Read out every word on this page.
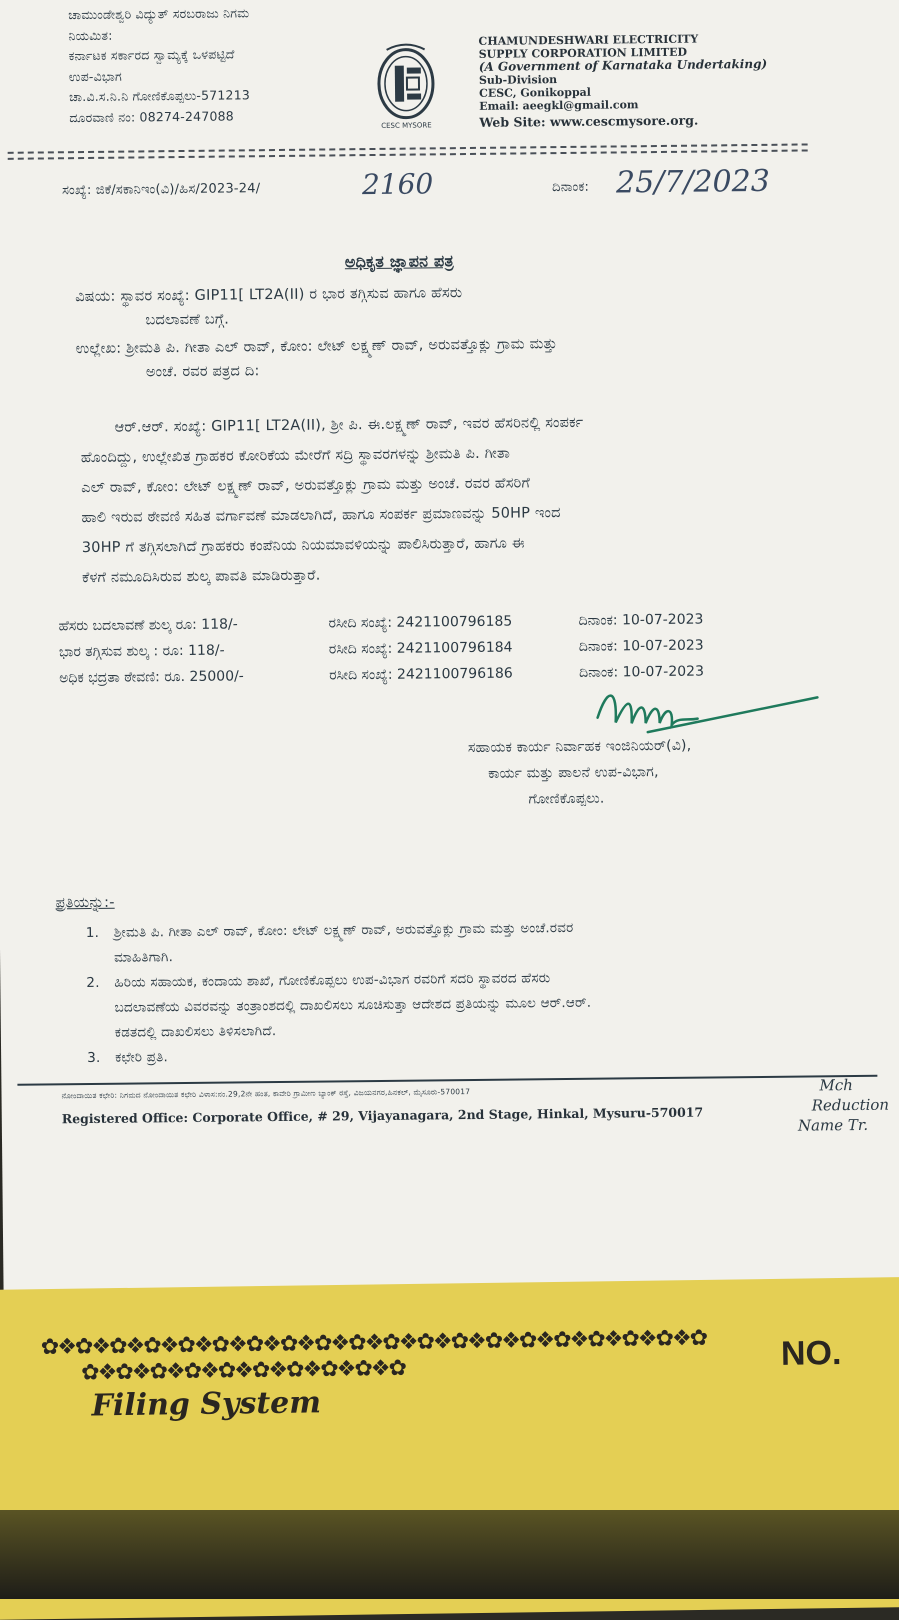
ಚಾಮುಂಡೇಶ್ವರಿ ವಿದ್ಯುತ್ ಸರಬರಾಜು ನಿಗಮ
ನಿಯಮಿತ:
ಕರ್ನಾಟಕ ಸರ್ಕಾರದ ಸ್ವಾಮ್ಯಕ್ಕೆ ಒಳಪಟ್ಟಿದೆ
ಉಪ-ವಿಭಾಗ
ಚಾ.ವಿ.ಸ.ನಿ.ನಿ ಗೋಣಿಕೊಪ್ಪಲು-571213
ದೂರವಾಣಿ ನಂ: 08274-247088
CESC MYSORE
CHAMUNDESHWARI ELECTRICITY
SUPPLY CORPORATION LIMITED
(A Government of Karnataka Undertaking)
Sub-Division
CESC, Gonikoppal
Email: aeegkl@gmail.com
Web Site: www.cescmysore.org.
ಸಂಖ್ಯೆ: ಜಿಕೆ/ಸಕಾನಿಇಂ(ವಿ)/ಹಿಸ/2023-24/	2160	ದಿನಾಂಕ: 25/7/2023
ಅಧಿಕೃತ ಜ್ಞಾಪನ ಪತ್ರ
ವಿಷಯ: ಸ್ಥಾವರ ಸಂಖ್ಯೆ: GIP11[ LT2A(II) ರ ಭಾರ ತಗ್ಗಿಸುವ ಹಾಗೂ ಹೆಸರು
ಬದಲಾವಣೆ ಬಗ್ಗೆ.
ಉಲ್ಲೇಖ: ಶ್ರೀಮತಿ ಪಿ. ಗೀತಾ ಎಲ್ ರಾವ್, ಕೋಂ: ಲೇಟ್ ಲಕ್ಷ್ಮಣ್ ರಾವ್, ಅರುವತ್ತೊಕ್ಲು ಗ್ರಾಮ ಮತ್ತು
ಅಂಚೆ. ರವರ ಪತ್ರದ ದಿ:
ಆರ್.ಆರ್. ಸಂಖ್ಯೆ: GIP11[ LT2A(II), ಶ್ರೀ ಪಿ. ಈ.ಲಕ್ಷ್ಮಣ್ ರಾವ್, ಇವರ ಹೆಸರಿನಲ್ಲಿ ಸಂಪರ್ಕ
ಹೊಂದಿದ್ದು, ಉಲ್ಲೇಖಿತ ಗ್ರಾಹಕರ ಕೋರಿಕೆಯ ಮೇರೆಗೆ ಸದ್ರಿ ಸ್ಥಾವರಗಳನ್ನು ಶ್ರೀಮತಿ ಪಿ. ಗೀತಾ
ಎಲ್ ರಾವ್, ಕೋಂ: ಲೇಟ್ ಲಕ್ಷ್ಮಣ್ ರಾವ್, ಅರುವತ್ತೊಕ್ಲು ಗ್ರಾಮ ಮತ್ತು ಅಂಚೆ. ರವರ ಹೆಸರಿಗೆ
ಹಾಲಿ ಇರುವ ಠೇವಣಿ ಸಹಿತ ವರ್ಗಾವಣೆ ಮಾಡಲಾಗಿದೆ, ಹಾಗೂ ಸಂಪರ್ಕ ಪ್ರಮಾಣವನ್ನು 50HP ಇಂದ
30HP ಗೆ ತಗ್ಗಿಸಲಾಗಿದೆ ಗ್ರಾಹಕರು ಕಂಪೆನಿಯ ನಿಯಮಾವಳಿಯನ್ನು ಪಾಲಿಸಿರುತ್ತಾರೆ, ಹಾಗೂ ಈ
ಕೆಳಗೆ ನಮೂದಿಸಿರುವ ಶುಲ್ಕ ಪಾವತಿ ಮಾಡಿರುತ್ತಾರೆ.
ಹೆಸರು ಬದಲಾವಣೆ ಶುಲ್ಕ ರೂ: 118/-	ರಸೀದಿ ಸಂಖ್ಯೆ: 2421100796185	ದಿನಾಂಕ: 10-07-2023
ಭಾರ ತಗ್ಗಿಸುವ ಶುಲ್ಕ : ರೂ: 118/-	ರಸೀದಿ ಸಂಖ್ಯೆ: 2421100796184	ದಿನಾಂಕ: 10-07-2023
ಅಧಿಕ ಭದ್ರತಾ ಠೇವಣಿ: ರೂ. 25000/-	ರಸೀದಿ ಸಂಖ್ಯೆ: 2421100796186	ದಿನಾಂಕ: 10-07-2023
ಸಹಾಯಕ ಕಾರ್ಯ ನಿರ್ವಾಹಕ ಇಂಜಿನಿಯರ್(ವಿ),
ಕಾರ್ಯ ಮತ್ತು ಪಾಲನೆ ಉಪ-ವಿಭಾಗ,
ಗೋಣಿಕೊಪ್ಪಲು.
ಪ್ರತಿಯನ್ನು:-
1.	ಶ್ರೀಮತಿ ಪಿ. ಗೀತಾ ಎಲ್ ರಾವ್, ಕೋಂ: ಲೇಟ್ ಲಕ್ಷ್ಮಣ್ ರಾವ್, ಅರುವತ್ತೊಕ್ಲು ಗ್ರಾಮ ಮತ್ತು ಅಂಚೆ.ರವರ
ಮಾಹಿತಿಗಾಗಿ.
2.	ಹಿರಿಯ ಸಹಾಯಕ, ಕಂದಾಯ ಶಾಖೆ, ಗೋಣಿಕೊಪ್ಪಲು ಉಪ-ವಿಭಾಗ ರವರಿಗೆ ಸದರಿ ಸ್ಥಾವರದ ಹೆಸರು
ಬದಲಾವಣೆಯ ವಿವರವನ್ನು ತಂತ್ರಾಂಶದಲ್ಲಿ ದಾಖಲಿಸಲು ಸೂಚಿಸುತ್ತಾ ಆದೇಶದ ಪ್ರತಿಯನ್ನು ಮೂಲ ಆರ್.ಆರ್.
ಕಡತದಲ್ಲಿ ದಾಖಲಿಸಲು ತಿಳಿಸಲಾಗಿದೆ.
3.	ಕಛೇರಿ ಪ್ರತಿ.
ನೋಂದಾಯಿತ ಕಛೇರಿ: ನಿಗಮದ ನೋಂದಾಯಿತ ಕಛೇರಿ ವಿಳಾಸ:ನಂ.29,2ನೇ ಹಂತ, ಕಾವೇರಿ ಗ್ರಾಮೀಣ ಬ್ಯಾಂಕ್ ರಸ್ತೆ, ವಿಜಯನಗರ,ಹಿನಕಲ್, ಮೈಸೂರು-570017
Registered Office: Corporate Office, # 29, Vijayanagara, 2nd Stage, Hinkal, Mysuru-570017
Mch
Reduction
Name Tr.
✿❖✿❖✿❖✿❖✿❖✿❖✿❖✿❖✿❖✿❖✿❖✿❖✿❖✿❖✿❖✿❖✿❖✿❖✿❖✿
✿❖✿❖✿❖✿❖✿❖✿❖✿❖✿❖✿❖✿	NO.
Filing System
